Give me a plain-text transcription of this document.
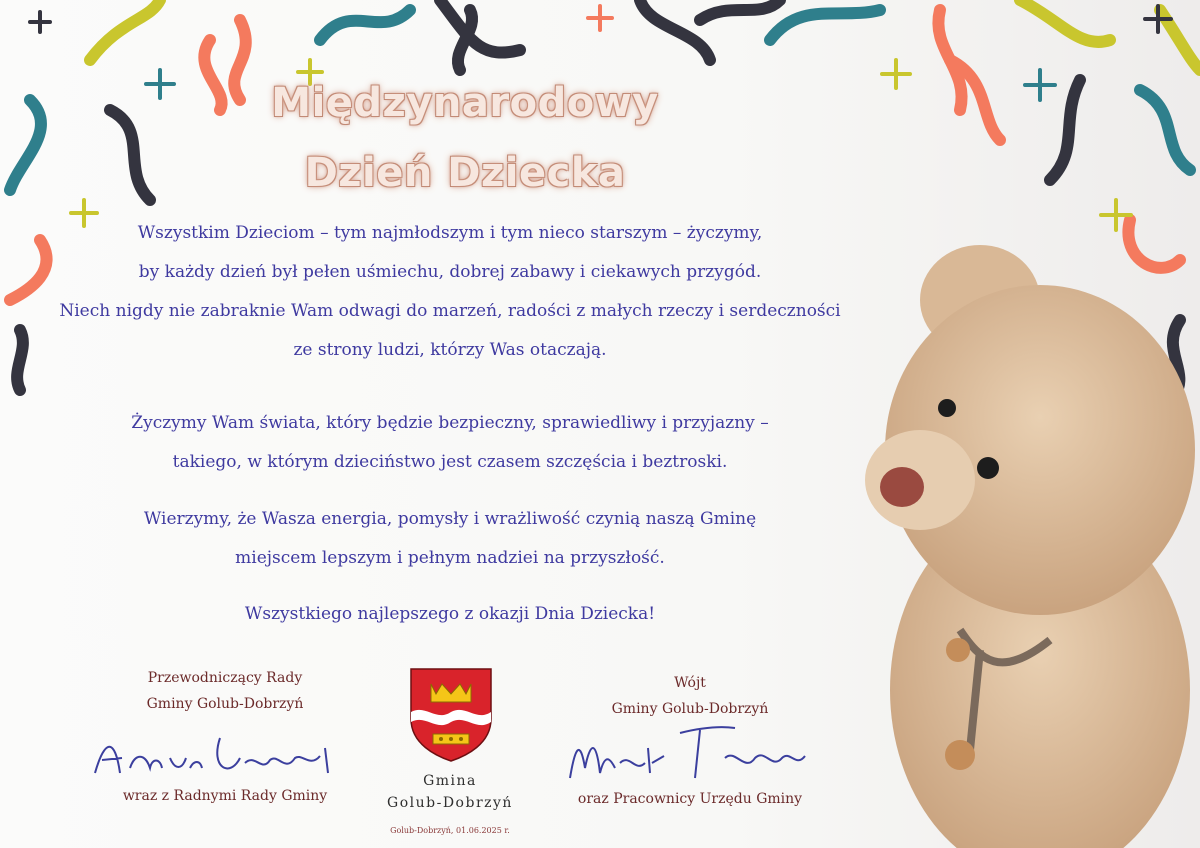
Międzynarodowy
Dzień Dziecka

Wszystkim Dzieciom – tym najmłodszym i tym nieco starszym – życzymy,

by każdy dzień był pełen uśmiechu, dobrej zabawy i ciekawych przygód.

Niech nigdy nie zabraknie Wam odwagi do marzeń, radości z małych rzeczy i serdeczności

ze strony ludzi, którzy Was otaczają.

Życzymy Wam świata, który będzie bezpieczny, sprawiedliwy i przyjazny –

takiego, w którym dzieciństwo jest czasem szczęścia i beztroski.

Wierzymy, że Wasza energia, pomysły i wrażliwość czynią naszą Gminę

miejscem lepszym i pełnym nadziei na przyszłość.

Wszystkiego najlepszego z okazji Dnia Dziecka!

Przewodniczący Rady
Gminy Golub-Dobrzyń
wraz z Radnymi Rady Gminy
Gmina
Golub-Dobrzyń
Golub-Dobrzyń, 01.06.2025 r.
Wójt
Gminy Golub-Dobrzyń
oraz Pracownicy Urzędu Gminy
